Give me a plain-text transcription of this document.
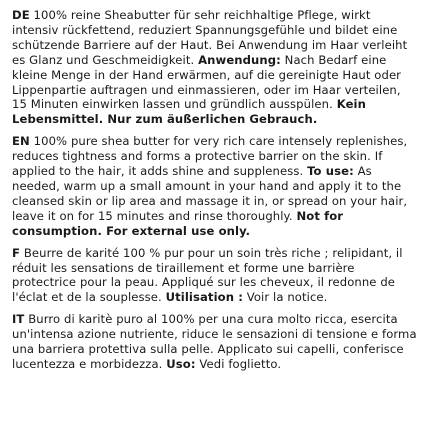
DE 100% reine Sheabutter für sehr reichhaltige Pflege, wirkt intensiv rückfettend, reduziert Spannungsgefühle und bildet eine schützende Barriere auf der Haut. Bei Anwendung im Haar verleiht es Glanz und Geschmeidigkeit. Anwendung: Nach Bedarf eine kleine Menge in der Hand erwärmen, auf die gereinigte Haut oder Lippenpartie auftragen und einmassieren, oder im Haar verteilen, 15 Minuten einwirken lassen und gründlich ausspülen. Kein Lebensmittel. Nur zum äußerlichen Gebrauch.

EN 100% pure shea butter for very rich care intensely replenishes, reduces tightness and forms a protective barrier on the skin. If applied to the hair, it adds shine and suppleness. To use: As needed, warm up a small amount in your hand and apply it to the cleansed skin or lip area and massage it in, or spread on your hair, leave it on for 15 minutes and rinse thoroughly. Not for consumption. For external use only.

F Beurre de karité 100 % pur pour un soin très riche ; relipidant, il réduit les sensations de tiraillement et forme une barrière protectrice pour la peau. Appliqué sur les cheveux, il redonne de l'éclat et de la souplesse. Utilisation : Voir la notice.

IT Burro di karitè puro al 100% per una cura molto ricca, esercita un'intensa azione nutriente, riduce le sensazioni di tensione e forma una barriera protettiva sulla pelle. Applicato sui capelli, conferisce lucentezza e morbidezza. Uso: Vedi foglietto.
